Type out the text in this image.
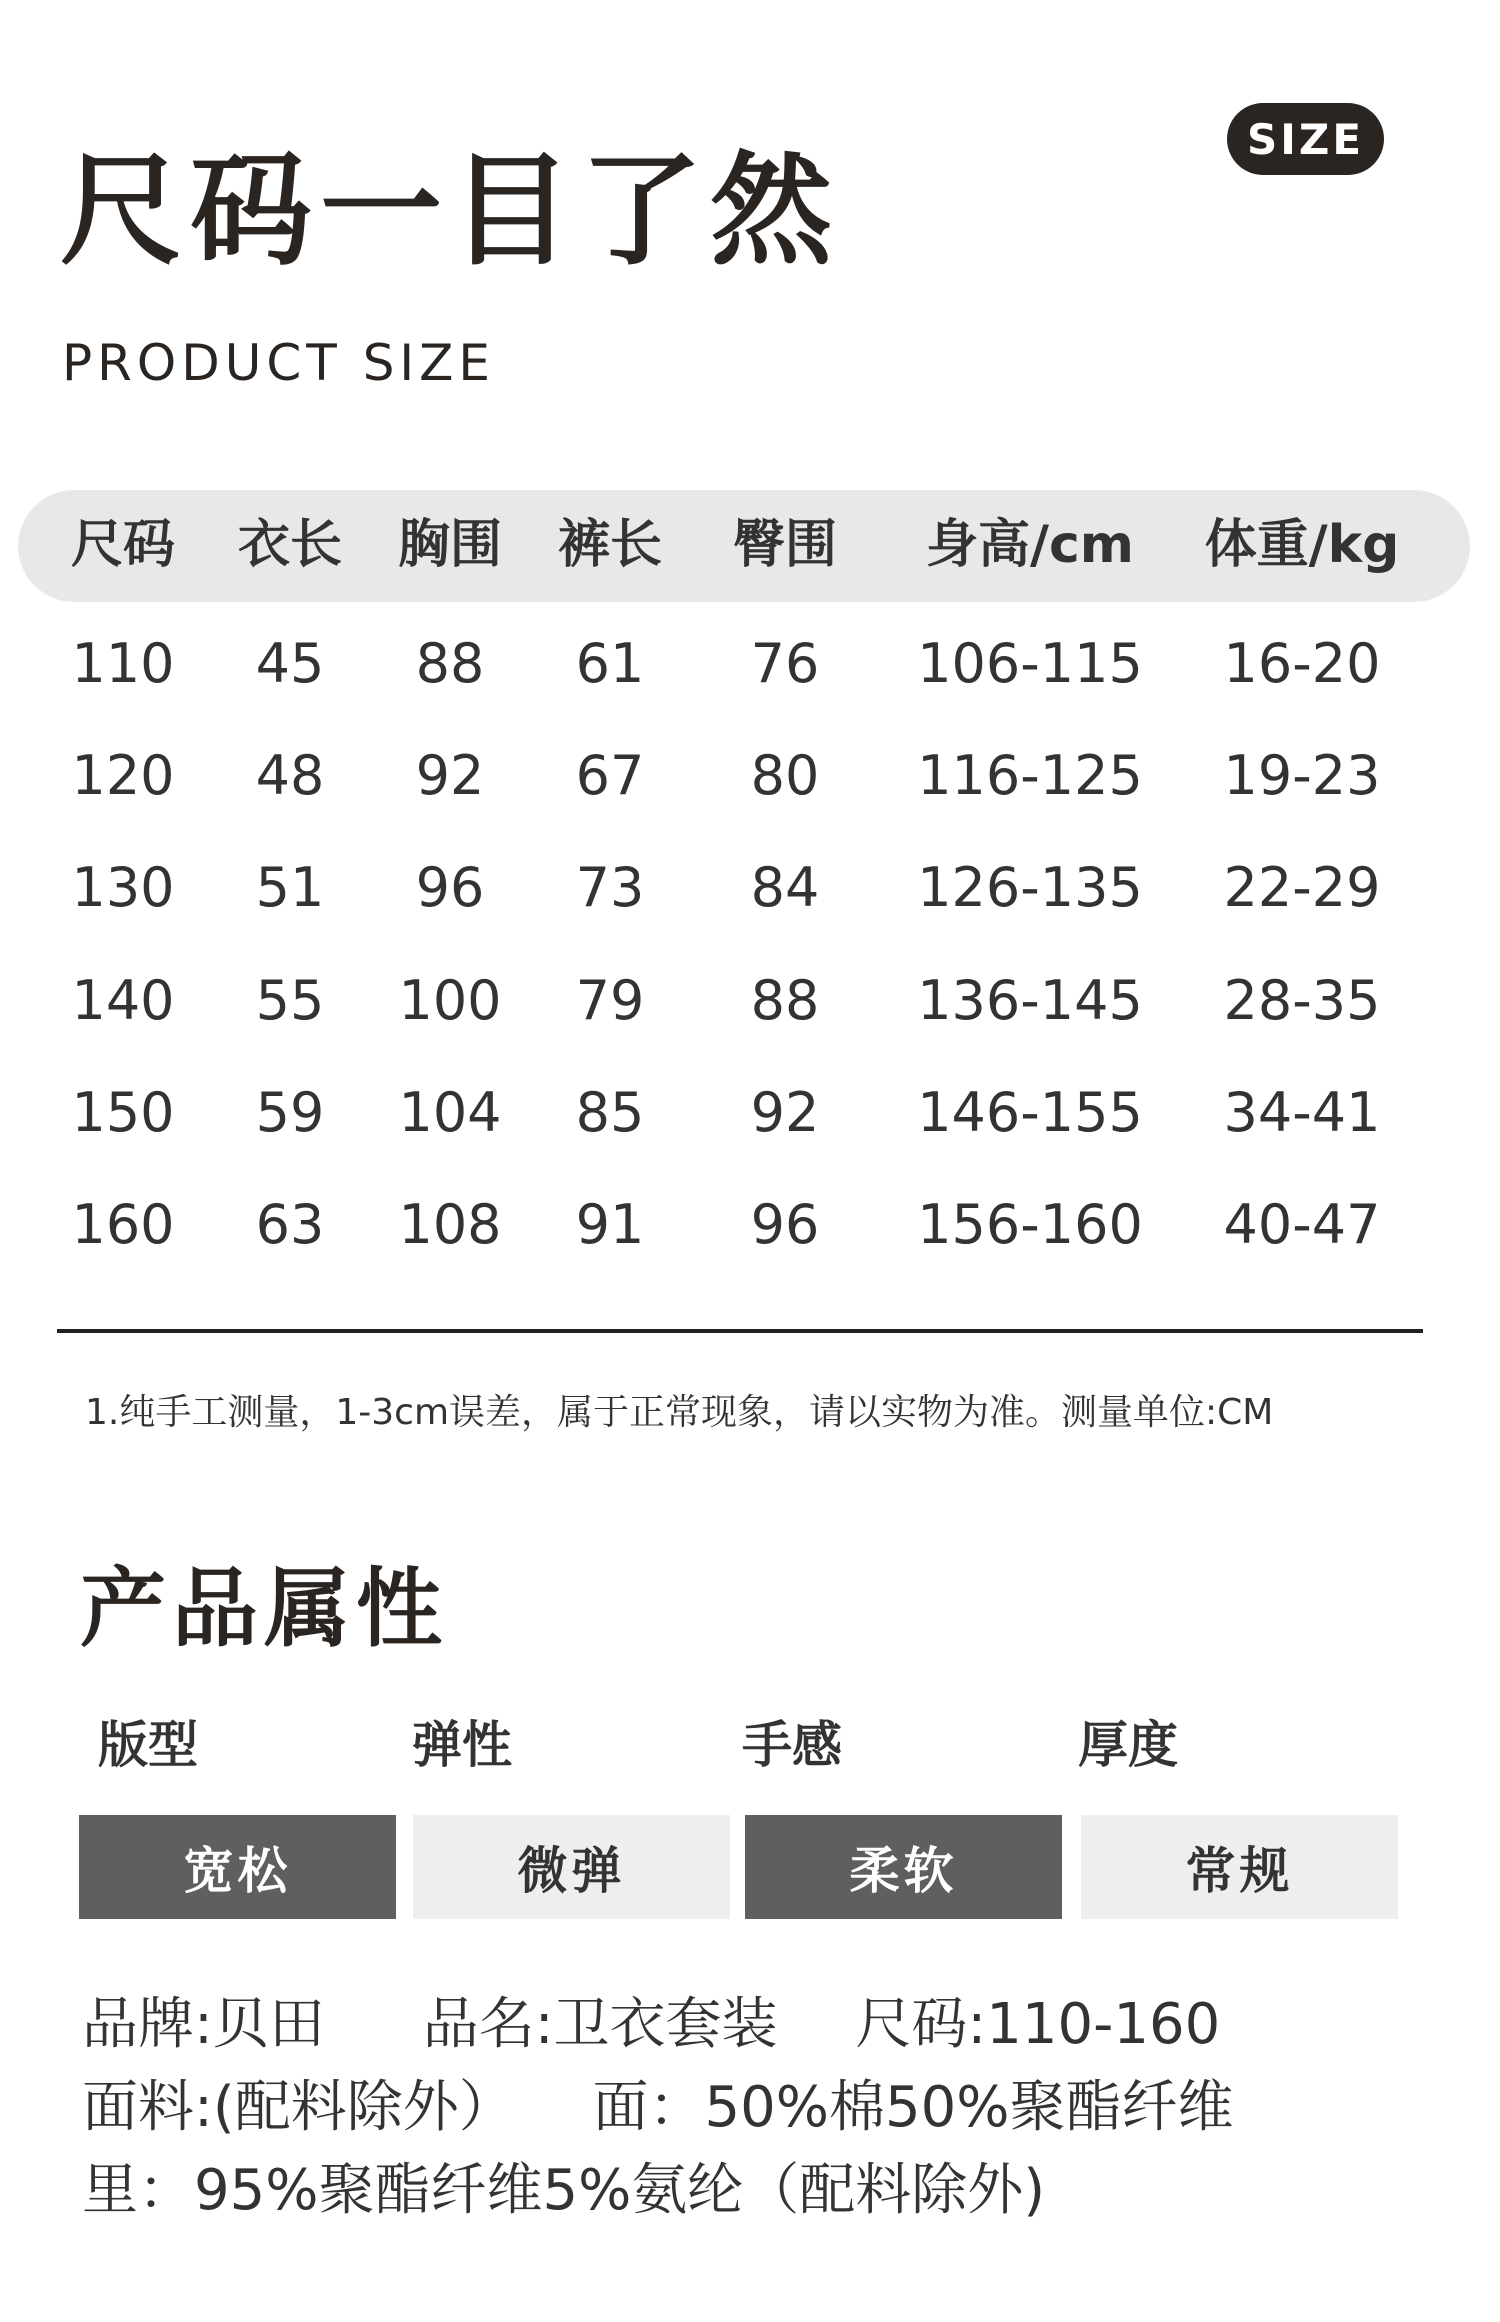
SIZE
尺码一目了然
PRODUCT SIZE
尺码 衣长 胸围 裤长 臀围 身高/cm 体重/kg
110 45 88 61 76 106-115 16-20
120 48 92 67 80 116-125 19-23
130 51 96 73 84 126-135 22-29
140 55 100 79 88 136-145 28-35
150 59 104 85 92 146-155 34-41
160 63 108 91 96 156-160 40-47
1.纯手工测量，1-3cm误差，属于正常现象，请以实物为准。测量单位:CM
产品属性
版型	弹性	手感	厚度
宽松	微弹	柔软	常规
品牌:贝田 品名:卫衣套装 尺码:110-160
面料:(配料除外） 面：50%棉50%聚酯纤维
里：95%聚酯纤维5%氨纶（配料除外)
